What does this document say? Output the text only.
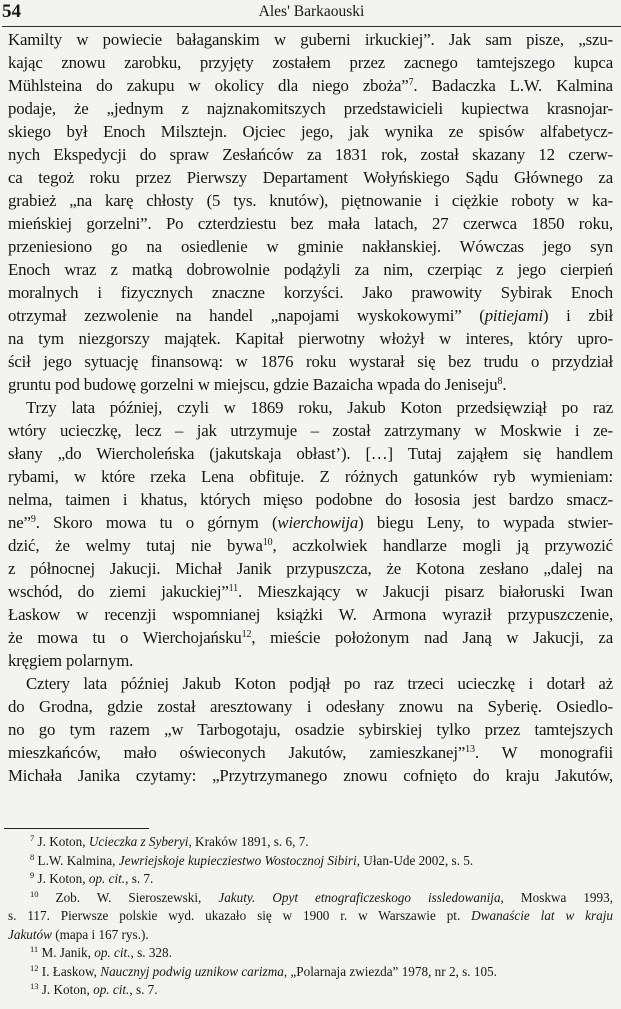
54	Ales' Barkaouski
Kamilty w powiecie bałaganskim w guberni irkuckiej”. Jak sam pisze, „szu-
kając znowu zarobku, przyjęty zostałem przez zacnego tamtejszego kupca
Mühlsteina do zakupu w okolicy dla niego zboża”$^7$. Badaczka L.W. Kalmina
podaje, że „jednym z najznakomitszych przedstawicieli kupiectwa krasnojar-
skiego był Enoch Milsztejn. Ojciec jego, jak wynika ze spisów alfabetycz-
nych Ekspedycji do spraw Zesłańców za 1831 rok, został skazany 12 czerw-
ca tegoż roku przez Pierwszy Departament Wołyńskiego Sądu Głównego za
grabież „na karę chłosty (5 tys. knutów), piętnowanie i ciężkie roboty w ka-
mieńskiej gorzelni”. Po czterdziestu bez mała latach, 27 czerwca 1850 roku,
przeniesiono go na osiedlenie w gminie nakłanskiej. Wówczas jego syn
Enoch wraz z matką dobrowolnie podążyli za nim, czerpiąc z jego cierpień
moralnych i fizycznych znaczne korzyści. Jako prawowity Sybirak Enoch
otrzymał zezwolenie na handel „napojami wyskokowymi” (pitiejami) i zbił
na tym niezgorszy majątek. Kapitał pierwotny włożył w interes, który upro-
ścił jego sytuację finansową: w 1876 roku wystarał się bez trudu o przydział
gruntu pod budowę gorzelni w miejscu, gdzie Bazaicha wpada do Jeniseju$^8$.
Trzy lata później, czyli w 1869 roku, Jakub Koton przedsięwziął po raz
wtóry ucieczkę, lecz – jak utrzymuje – został zatrzymany w Moskwie i ze-
słany „do Wiercholeńska (jakutskaja obłast’). […] Tutaj zająłem się handlem
rybami, w które rzeka Lena obfituje. Z różnych gatunków ryb wymieniam:
nelma, taimen i khatus, których mięso podobne do łososia jest bardzo smacz-
ne”$^9$. Skoro mowa tu o górnym (wierchowija) biegu Leny, to wypada stwier-
dzić, że welmy tutaj nie bywa$^{10}$, aczkolwiek handlarze mogli ją przywozić
z północnej Jakucji. Michał Janik przypuszcza, że Kotona zesłano „dalej na
wschód, do ziemi jakuckiej”$^{11}$. Mieszkający w Jakucji pisarz białoruski Iwan
Łaskow w recenzji wspomnianej książki W. Armona wyraził przypuszczenie,
że mowa tu o Wierchojańsku$^{12}$, mieście położonym nad Janą w Jakucji, za
kręgiem polarnym.
Cztery lata później Jakub Koton podjął po raz trzeci ucieczkę i dotarł aż
do Grodna, gdzie został aresztowany i odesłany znowu na Syberię. Osiedlo-
no go tym razem „w Tarbogotaju, osadzie sybirskiej tylko przez tamtejszych
mieszkańców, mało oświeconych Jakutów, zamieszkanej”$^{13}$. W monografii
Michała Janika czytamy: „Przytrzymanego znowu cofnięto do kraju Jakutów,
$^7$ J. Koton, Ucieczka z Syberyi, Kraków 1891, s. 6, 7.
$^8$ L.W. Kalmina, Jewriejskoje kupiecziestwo Wostocznoj Sibiri, Ułan-Ude 2002, s. 5.
$^9$ J. Koton, op. cit., s. 7.
$^{10}$ Zob. W. Sieroszewski, Jakuty. Opyt etnograficzeskogo issledowanija, Moskwa 1993,
s. 117. Pierwsze polskie wyd. ukazało się w 1900 r. w Warszawie pt. Dwanaście lat w kraju
Jakutów (mapa i 167 rys.).
$^{11}$ M. Janik, op. cit., s. 328.
$^{12}$ I. Łaskow, Naucznyj podwig uznikow carizma, „Polarnaja zwiezda” 1978, nr 2, s. 105.
$^{13}$ J. Koton, op. cit., s. 7.
